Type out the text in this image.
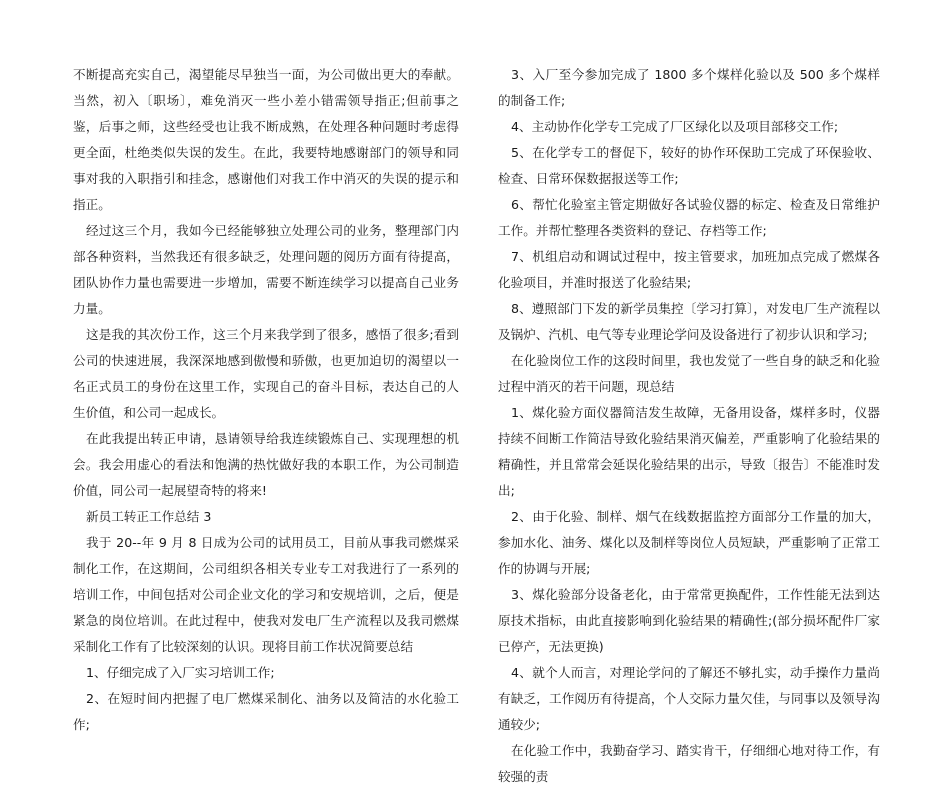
不断提高充实自己，渴望能尽早独当一面，为公司做出更大的奉献。当然，初入〔职场〕，难免消灭一些小差小错需领导指正;但前事之鉴，后事之师，这些经受也让我不断成熟，在处理各种问题时考虑得更全面，杜绝类似失误的发生。在此，我要特地感谢部门的领导和同事对我的入职指引和挂念，感谢他们对我工作中消灭的失误的提示和指正。

经过这三个月，我如今已经能够独立处理公司的业务，整理部门内部各种资料，当然我还有很多缺乏，处理问题的阅历方面有待提高，团队协作力量也需要进一步增加，需要不断连续学习以提高自己业务力量。

这是我的其次份工作，这三个月来我学到了很多，感悟了很多;看到公司的快速进展，我深深地感到傲慢和骄傲，也更加迫切的渴望以一名正式员工的身份在这里工作，实现自己的奋斗目标，表达自己的人生价值，和公司一起成长。

在此我提出转正申请，恳请领导给我连续锻炼自己、实现理想的机会。我会用虚心的看法和饱满的热忱做好我的本职工作，为公司制造价值，同公司一起展望奇特的将来!

新员工转正工作总结 3

我于 20--年 9 月 8 日成为公司的试用员工，目前从事我司燃煤采制化工作，在这期间，公司组织各相关专业专工对我进行了一系列的培训工作，中间包括对公司企业文化的学习和安规培训，之后，便是紧急的岗位培训。在此过程中，使我对发电厂生产流程以及我司燃煤采制化工作有了比较深刻的认识。现将目前工作状况简要总结

1、仔细完成了入厂实习培训工作;

2、在短时间内把握了电厂燃煤采制化、油务以及简洁的水化验工作;

3、入厂至今参加完成了 1800 多个煤样化验以及 500 多个煤样的制备工作;

4、主动协作化学专工完成了厂区绿化以及项目部移交工作;

5、在化学专工的督促下，较好的协作环保助工完成了环保验收、检查、日常环保数据报送等工作;

6、帮忙化验室主管定期做好各试验仪器的标定、检查及日常维护工作。并帮忙整理各类资料的登记、存档等工作;

7、机组启动和调试过程中，按主管要求，加班加点完成了燃煤各化验项目，并准时报送了化验结果;

8、遵照部门下发的新学员集控〔学习打算〕，对发电厂生产流程以及锅炉、汽机、电气等专业理论学问及设备进行了初步认识和学习;

在化验岗位工作的这段时间里，我也发觉了一些自身的缺乏和化验过程中消灭的若干问题，现总结

1、煤化验方面仪器简洁发生故障，无备用设备，煤样多时，仪器持续不间断工作简洁导致化验结果消灭偏差，严重影响了化验结果的精确性，并且常常会延误化验结果的出示，导致〔报告〕不能准时发出;

2、由于化验、制样、烟气在线数据监控方面部分工作量的加大，参加水化、油务、煤化以及制样等岗位人员短缺，严重影响了正常工作的协调与开展;

3、煤化验部分设备老化，由于常常更换配件，工作性能无法到达原技术指标，由此直接影响到化验结果的精确性;(部分损坏配件厂家已停产，无法更换)

4、就个人而言，对理论学问的了解还不够扎实，动手操作力量尚有缺乏，工作阅历有待提高，个人交际力量欠佳，与同事以及领导沟通较少;

在化验工作中，我勤奋学习、踏实肯干，仔细细心地对待工作，有较强的责
